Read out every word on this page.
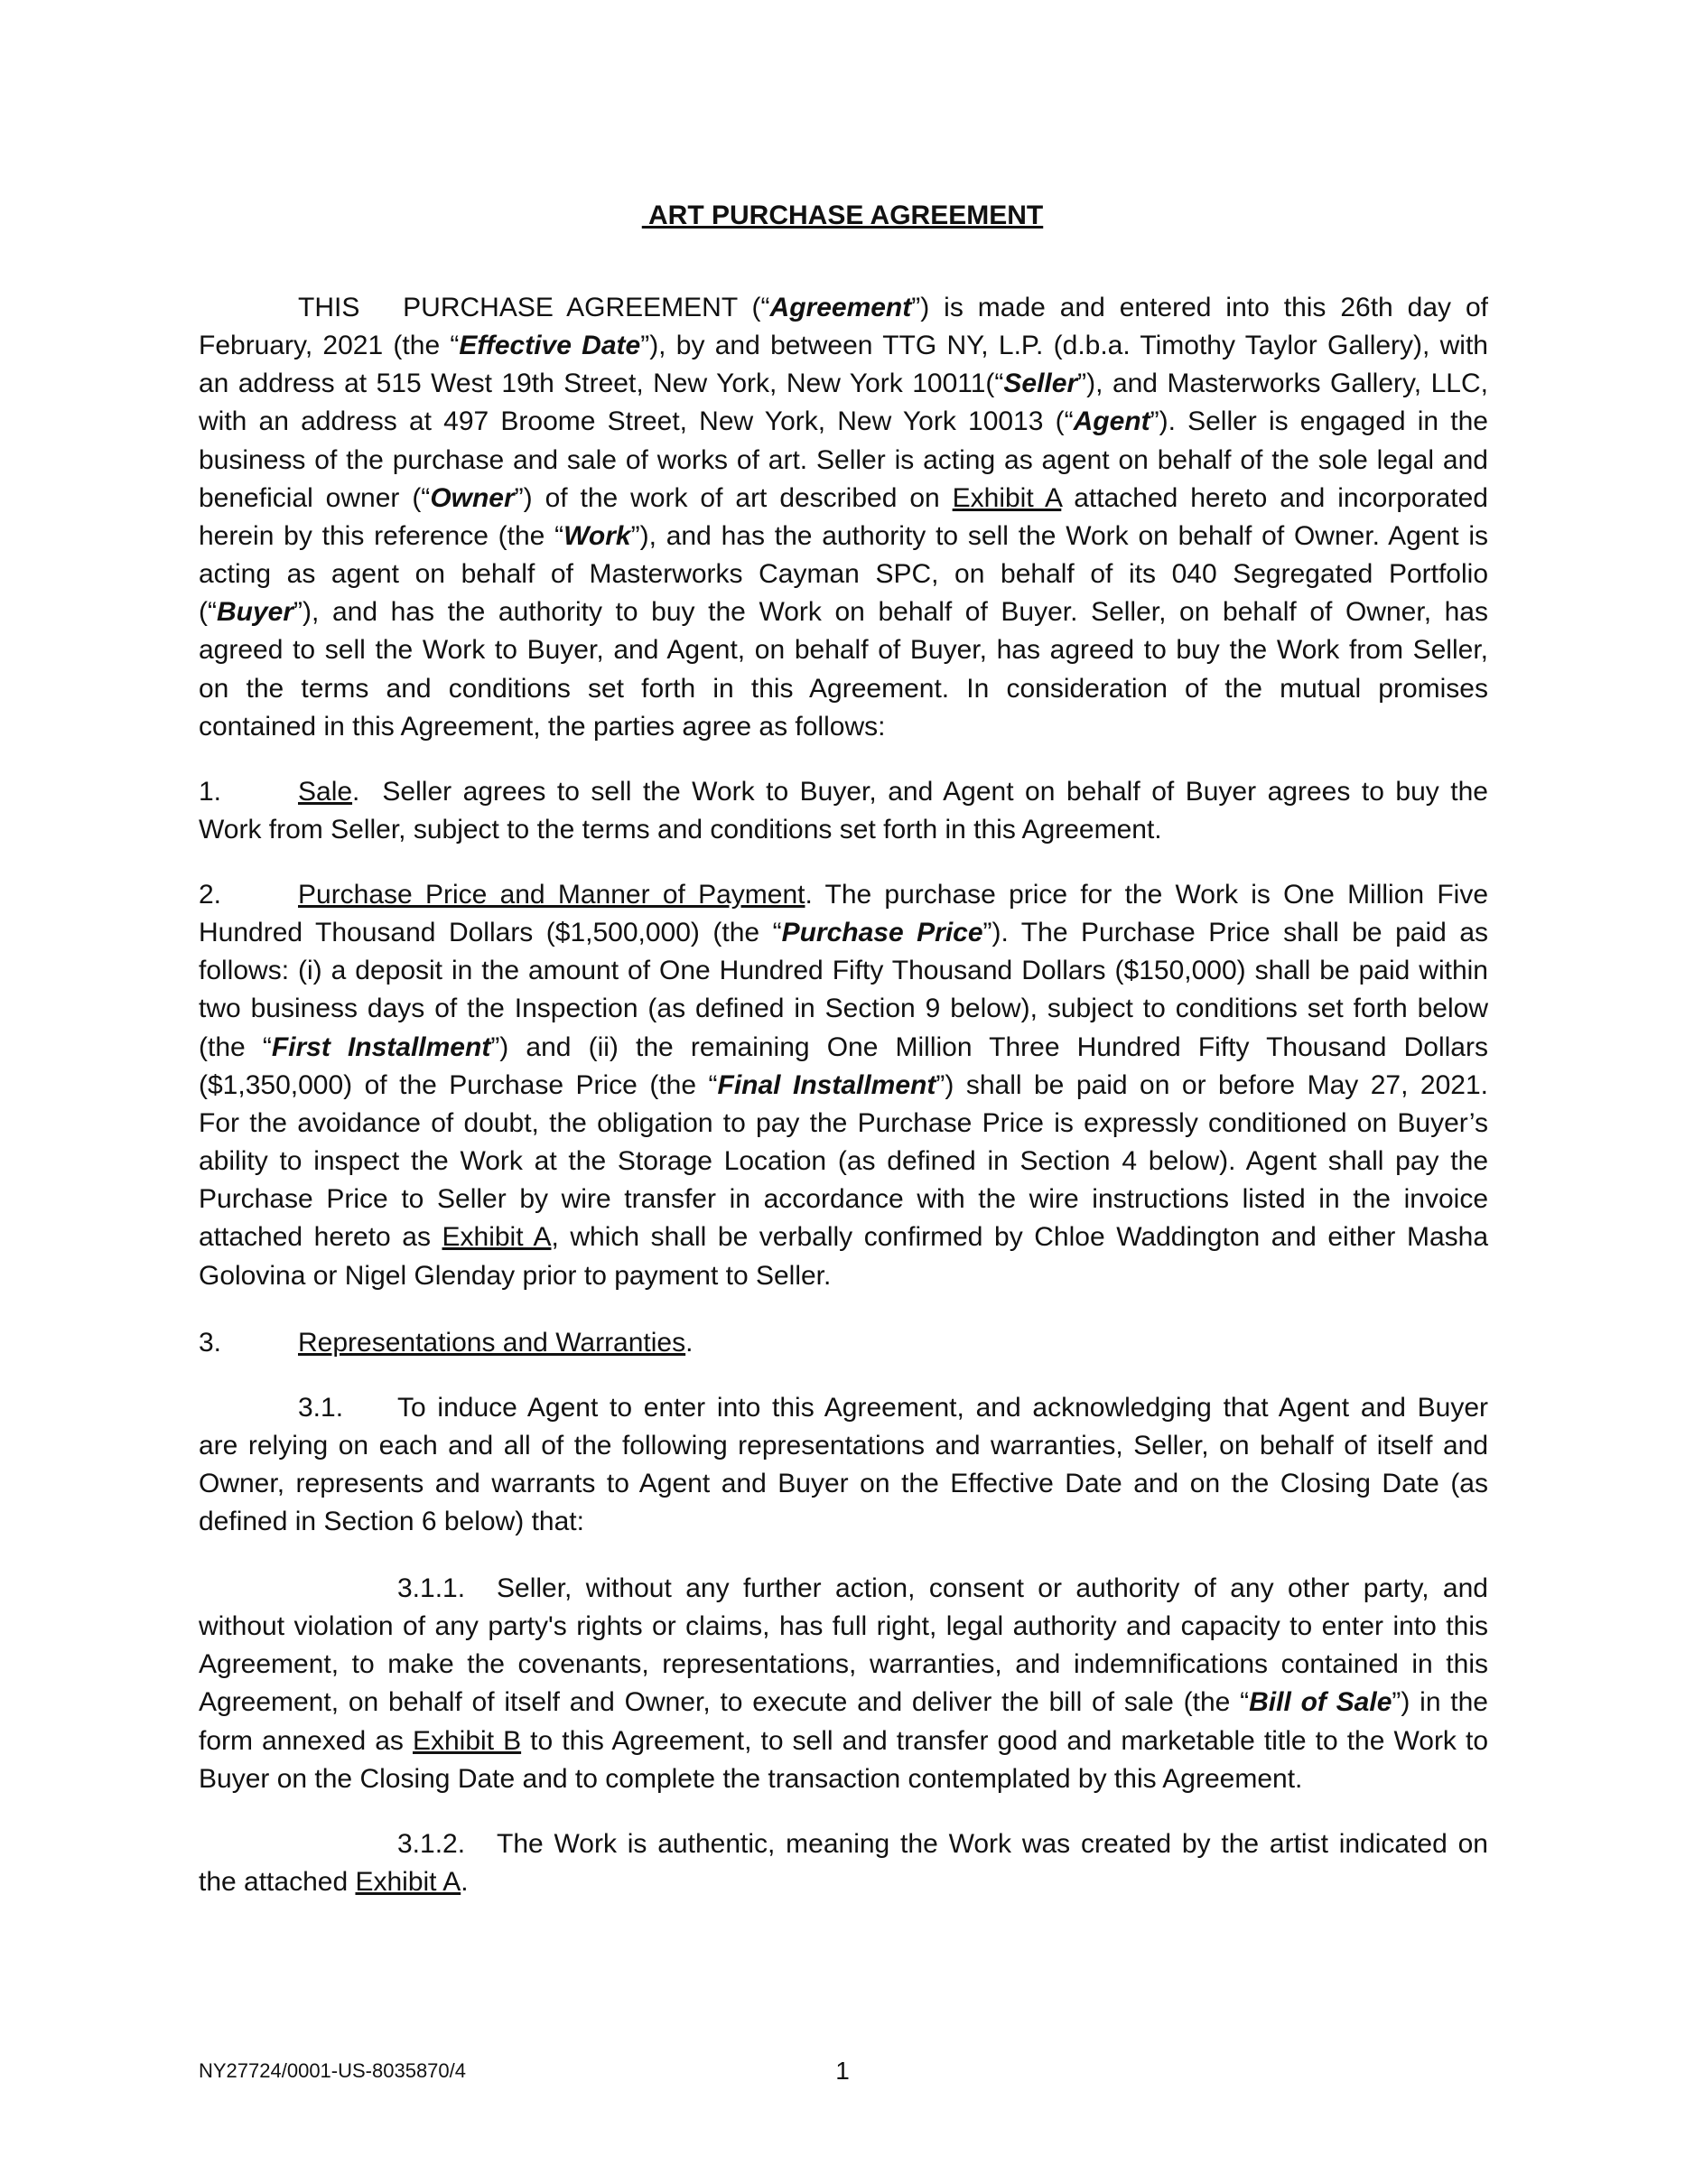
ART PURCHASE AGREEMENT
THIS   PURCHASE AGREEMENT (“Agreement”) is made and entered into this 26th day of
February, 2021 (the “Effective Date”), by and between TTG NY, L.P. (d.b.a. Timothy Taylor Gallery), with
an address at 515 West 19th Street, New York, New York 10011(“Seller”), and Masterworks Gallery, LLC,
with an address at 497 Broome Street, New York, New York 10013 (“Agent”). Seller is engaged in the
business of the purchase and sale of works of art. Seller is acting as agent on behalf of the sole legal and
beneficial owner (“Owner”) of the work of art described on Exhibit A attached hereto and incorporated
herein by this reference (the “Work”), and has the authority to sell the Work on behalf of Owner. Agent is
acting as agent on behalf of Masterworks Cayman SPC, on behalf of its 040 Segregated Portfolio
(“Buyer”), and has the authority to buy the Work on behalf of Buyer. Seller, on behalf of Owner, has
agreed to sell the Work to Buyer, and Agent, on behalf of Buyer, has agreed to buy the Work from Seller,
on the terms and conditions set forth in this Agreement. In consideration of the mutual promises
contained in this Agreement, the parties agree as follows:
1.	Sale.  Seller agrees to sell the Work to Buyer, and Agent on behalf of Buyer agrees to buy the
Work from Seller, subject to the terms and conditions set forth in this Agreement.
2.	Purchase Price and Manner of Payment. The purchase price for the Work is One Million Five
Hundred Thousand Dollars ($1,500,000) (the “Purchase Price”). The Purchase Price shall be paid as
follows: (i) a deposit in the amount of One Hundred Fifty Thousand Dollars ($150,000) shall be paid within
two business days of the Inspection (as defined in Section 9 below), subject to conditions set forth below
(the “First Installment”) and (ii) the remaining One Million Three Hundred Fifty Thousand Dollars
($1,350,000) of the Purchase Price (the “Final Installment”) shall be paid on or before May 27, 2021.
For the avoidance of doubt, the obligation to pay the Purchase Price is expressly conditioned on Buyer’s
ability to inspect the Work at the Storage Location (as defined in Section 4 below). Agent shall pay the
Purchase Price to Seller by wire transfer in accordance with the wire instructions listed in the invoice
attached hereto as Exhibit A, which shall be verbally confirmed by Chloe Waddington and either Masha
Golovina or Nigel Glenday prior to payment to Seller.
3.	Representations and Warranties.
3.1. To induce Agent to enter into this Agreement, and acknowledging that Agent and Buyer
are relying on each and all of the following representations and warranties, Seller, on behalf of itself and
Owner, represents and warrants to Agent and Buyer on the Effective Date and on the Closing Date (as
defined in Section 6 below) that:
3.1.1. Seller, without any further action, consent or authority of any other party, and
without violation of any party's rights or claims, has full right, legal authority and capacity to enter into this
Agreement, to make the covenants, representations, warranties, and indemnifications contained in this
Agreement, on behalf of itself and Owner, to execute and deliver the bill of sale (the “Bill of Sale”) in the
form annexed as Exhibit B to this Agreement, to sell and transfer good and marketable title to the Work to
Buyer on the Closing Date and to complete the transaction contemplated by this Agreement.
3.1.2. The Work is authentic, meaning the Work was created by the artist indicated on
the attached Exhibit A.
NY27724/0001-US-8035870/4	1
